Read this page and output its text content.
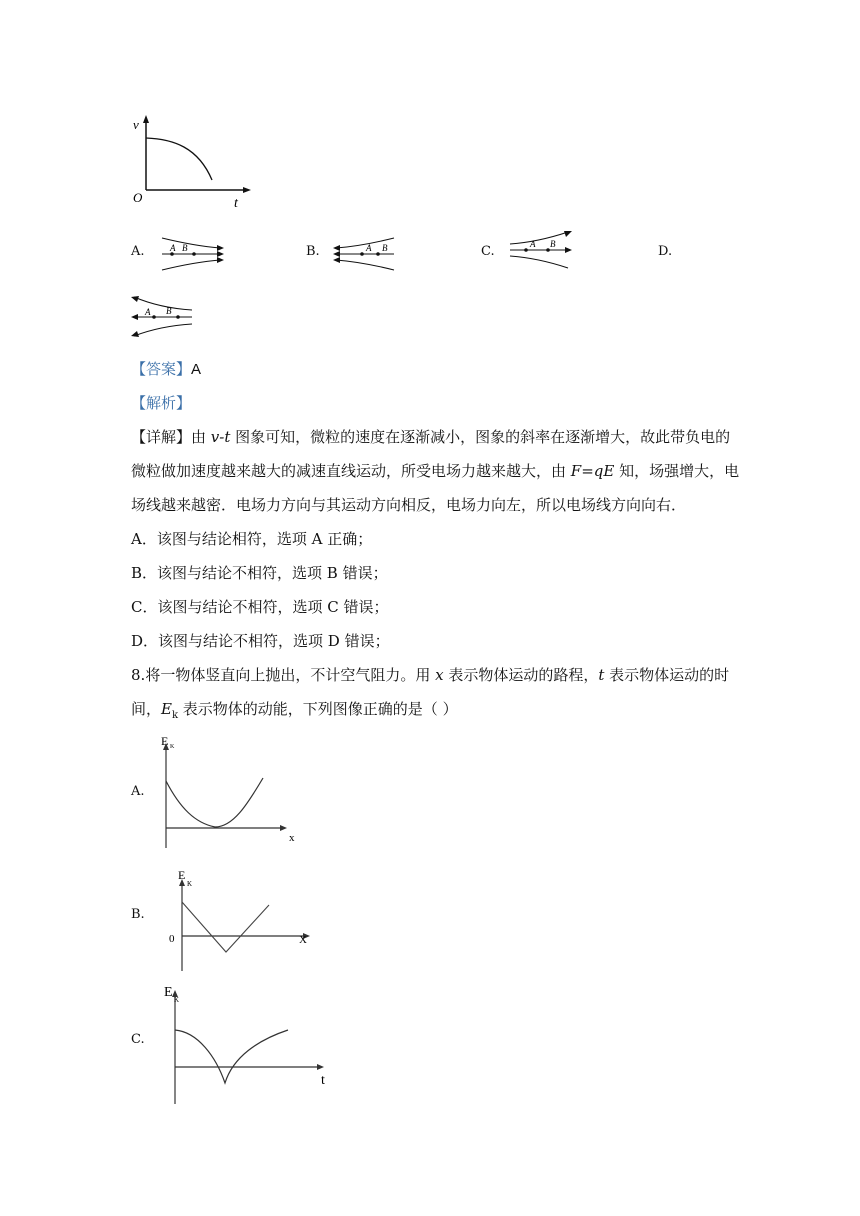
v
t
O
A.	B.	C.	D.
A B	A B	A B
A B
【答案】A
【解析】
【详解】由 v-t 图象可知，微粒的速度在逐渐减小，图象的斜率在逐渐增大，故此带负电的
微粒做加速度越来越大的减速直线运动，所受电场力越来越大，由 F=qE 知，场强增大，电
场线越来越密．电场力方向与其运动方向相反，电场力向左，所以电场线方向向右．
A．该图与结论相符，选项 A 正确；
B．该图与结论不相符，选项 B 错误；
C．该图与结论不相符，选项 C 错误；
D．该图与结论不相符，选项 D 错误；
8.将一物体竖直向上抛出，不计空气阻力。用 x 表示物体运动的路程，t 表示物体运动的时
间，$E_k$ 表示物体的动能，下列图像正确的是（ ）
A.
E K
x
B.
E
K
0	X
C.
E K
t
